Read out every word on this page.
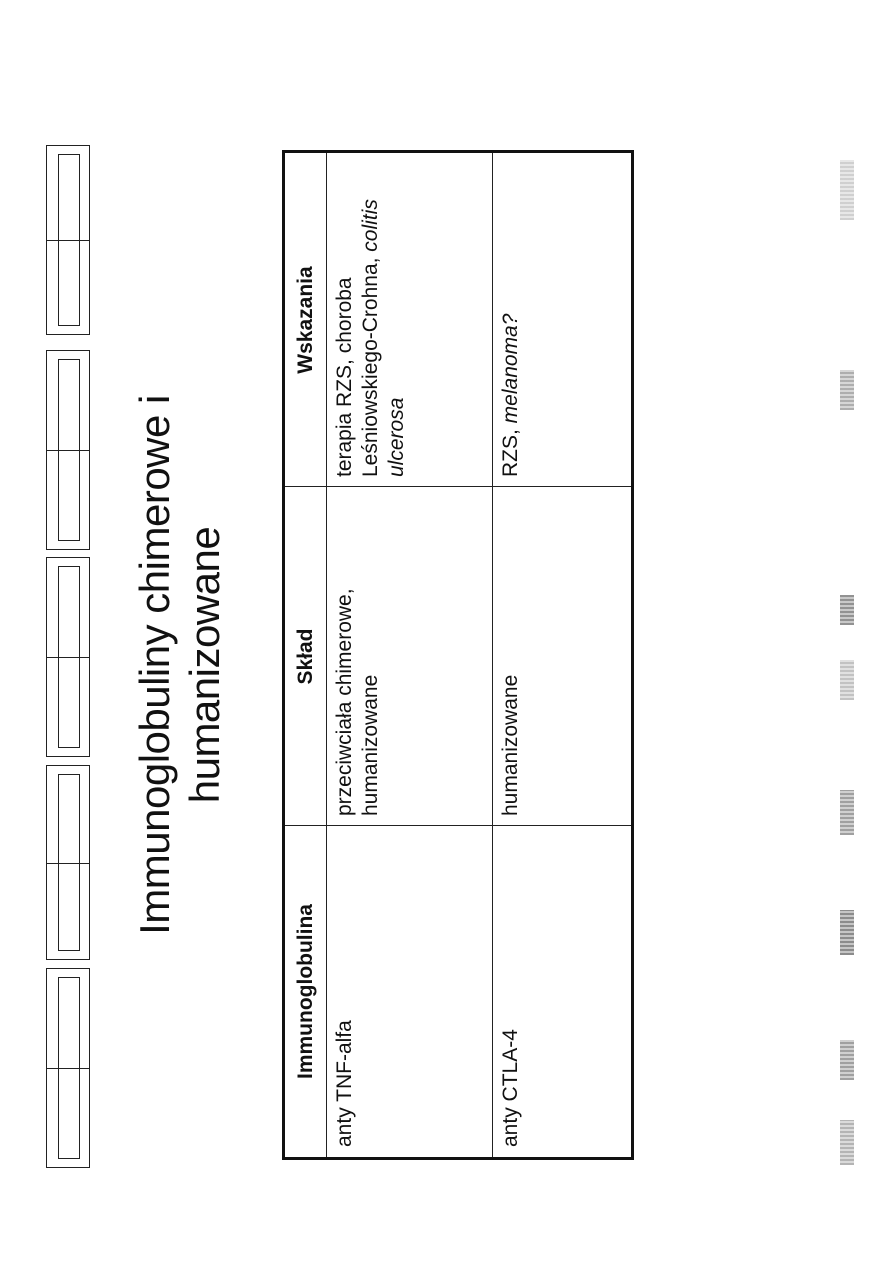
Immunoglobuliny chimerowe i humanizowane
Immunoglobulina
Skład
Wskazania
anty TNF-alfa
przeciwciała chimerowe, humanizowane
terapia RZS, choroba Leśniowskiego-Crohna, colitis ulcerosa
anty CTLA-4
humanizowane
RZS, melanoma?
